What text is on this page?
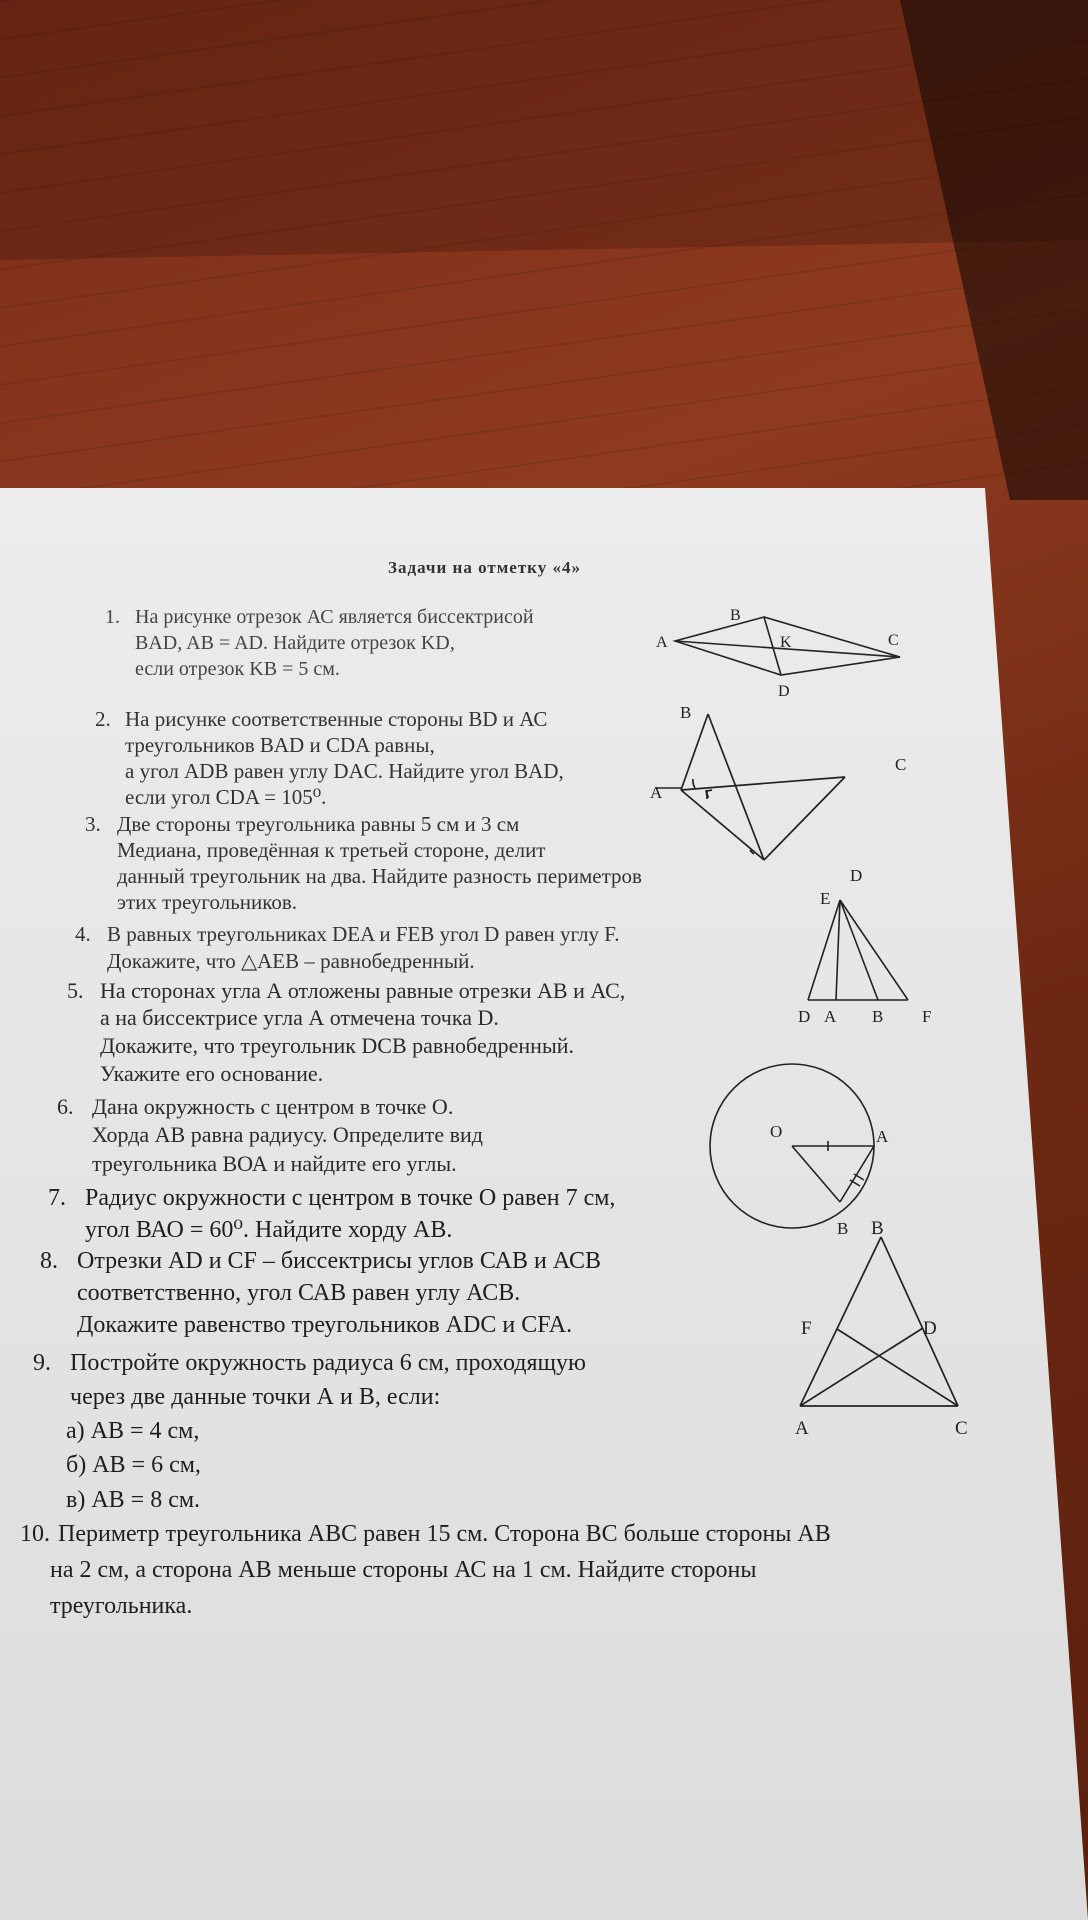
Задачи на отметку «4»
1. На рисунке отрезок АС является биссектрисой
BAD, AB = AD. Найдите отрезок KD,
если отрезок KB = 5 см.
2. На рисунке соответственные стороны BD и АС
треугольников BAD и CDA равны,
а угол ADB равен углу DAC. Найдите угол BAD,
если угол CDA = 105⁰.
3. Две стороны треугольника равны 5 см и 3 см
Медиана, проведённая к третьей стороне, делит
данный треугольник на два. Найдите разность периметров
этих треугольников.
4. В равных треугольниках DEA и FEB угол D равен углу F.
Докажите, что △AEB – равнобедренный.
5. На сторонах угла А отложены равные отрезки АВ и АС,
а на биссектрисе угла А отмечена точка D.
Докажите, что треугольник DCB равнобедренный.
Укажите его основание.
6. Дана окружность с центром в точке О.
Хорда АВ равна радиусу. Определите вид
треугольника ВОА и найдите его углы.
7. Радиус окружности с центром в точке О равен 7 см,
угол ВАО = 60⁰. Найдите хорду АВ.
8. Отрезки AD и CF – биссектрисы углов САВ и АСВ
соответственно, угол САВ равен углу АСВ.
Докажите равенство треугольников ADC и CFA.
9. Постройте окружность радиуса 6 см, проходящую
через две данные точки А и В, если:
а) АВ = 4 см,
б) АВ = 6 см,
в) АВ = 8 см.
10. Периметр треугольника АВС равен 15 см. Сторона ВС больше стороны АВ
на 2 см, а сторона АВ меньше стороны АС на 1 см. Найдите стороны
треугольника.
A
B
K	C
D
B
C
A
D
E
D A B F
O	A
B B
F	D
A	C
